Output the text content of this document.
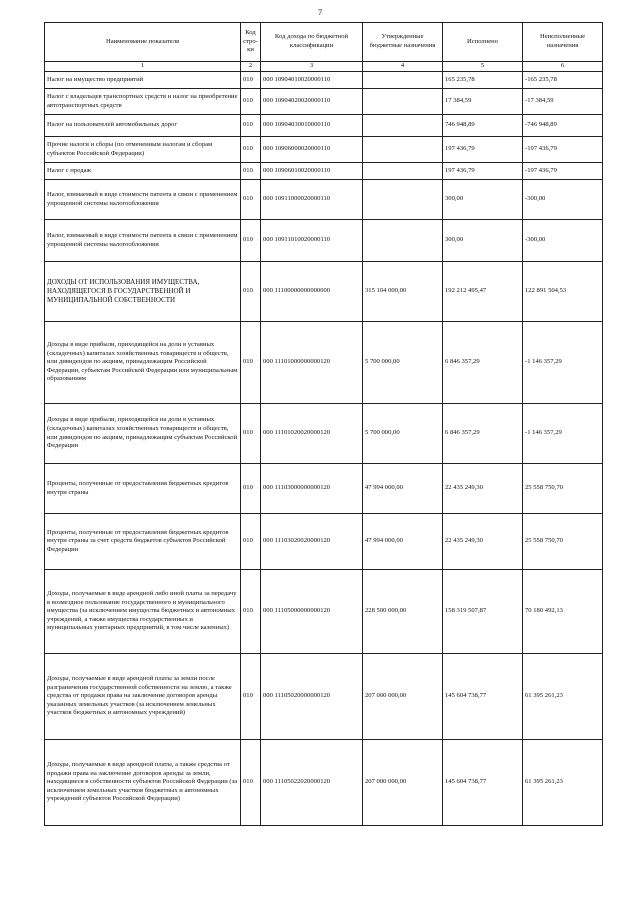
7
Наименование показателя	Код стро-ки	Код дохода по бюджетной классификации	Утвержденные бюджетные назначения	Исполнено	Неисполненные назначения
1	2	3	4	5	6
Налог на имущество предприятий	010	000 10904010020000110		165 235,78	-165 235,78
Налог с владельцев транспортных средств и налог на приобретение автотранспортных средств	010	000 10904020020000110		17 384,59	-17 384,59
Налог на пользователей автомобильных дорог	010	000 10904030010000110		746 948,89	-746 948,89
Прочие налоги и сборы (по отмененным налогам и сборам субъектов Российской Федерации)	010	000 10906000020000110		197 436,79	-197 436,79
Налог с продаж	010	000 10906010020000110		197 436,79	-197 436,79
Налог, взимаемый в виде стоимости патента в связи с применением упрощенной системы налогообложения	010	000 10911000020000110		300,00	-300,00
Налог, взимаемый в виде стоимости патента в связи с применением упрощенной системы налогообложения	010	000 10911010020000110		300,00	-300,00
ДОХОДЫ ОТ ИСПОЛЬЗОВАНИЯ ИМУЩЕСТВА, НАХОДЯЩЕГОСЯ В ГОСУДАРСТВЕННОЙ И МУНИЦИПАЛЬНОЙ СОБСТВЕННОСТИ	010	000 11100000000000000	315 104 000,00	192 212 495,47	122 891 504,53
Доходы в виде прибыли, приходящейся на доли в уставных (складочных) капиталах хозяйственных товариществ и обществ, или дивидендов по акциям, принадлежащим Российской Федерации, субъектам Российской Федерации или муниципальным образованиям	010	000 11101000000000120	5 700 000,00	6 846 357,29	-1 146 357,29
Доходы в виде прибыли, приходящейся на доли в уставных (складочных) капиталах хозяйственных товариществ и обществ, или дивидендов по акциям, принадлежащим субъектам Российской Федерации	010	000 11101020020000120	5 700 000,00	6 846 357,29	-1 146 357,29
Проценты, полученные от предоставления бюджетных кредитов внутри страны	010	000 11103000000000120	47 994 000,00	22 435 249,30	25 558 750,70
Проценты, полученные от предоставления бюджетных кредитов внутри страны за счет средств бюджетов субъектов Российской Федерации	010	000 11103020020000120	47 994 000,00	22 435 249,30	25 558 750,70
Доходы, получаемые в виде арендной либо иной платы за передачу в возмездное пользование государственного и муниципального имущества (за исключением имущества бюджетных и автономных учреждений, а также имущества государственных и муниципальных унитарных предприятий, в том числе казенных)	010	000 11105000000000120	228 500 000,00	158 319 507,87	70 180 492,13
Доходы, получаемые в виде арендной платы за земли после разграничения государственной собственности на землю, а также средства от продажи права на заключение договоров аренды указанных земельных участков (за исключением земельных участков бюджетных и автономных учреждений)	010	000 11105020000000120	207 000 000,00	145 604 738,77	61 395 261,23
Доходы, получаемые в виде арендной платы, а также средства от продажи права на заключение договоров аренды за земли, находящиеся в собственности субъектов Российской Федерации (за исключением земельных участков бюджетных и автономных учреждений субъектов Российской Федерации)	010	000 11105022020000120	207 000 000,00	145 604 738,77	61 395 261,23
